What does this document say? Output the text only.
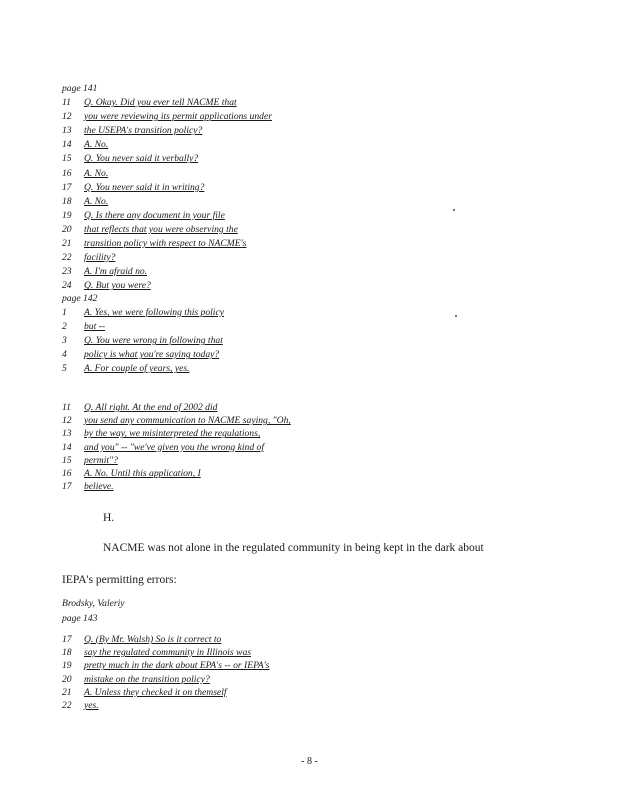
page 141
11 Q. Okay. Did you ever tell NACME that
12 you were reviewing its permit applications under
13 the USEPA's transition policy?
14 A. No.
15 Q. You never said it verbally?
16 A. No.
17 Q. You never said it in writing?
18 A. No.
19 Q. Is there any document in your file
20 that reflects that you were observing the
21 transition policy with respect to NACME's
22 facility?
23 A. I'm afraid no.
24 Q. But you were?
page 142
1 A. Yes, we were following this policy
2 but --
3 Q. You were wrong in following that
4 policy is what you're saying today?
5 A. For couple of years, yes.
11 Q. All right. At the end of 2002 did
12 you send any communication to NACME saying, "Oh,
13 by the way, we misinterpreted the regulations,
14 and you" -- "we've given you the wrong kind of
15 permit"?
16 A. No. Until this application, I
17 believe.
H.
NACME was not alone in the regulated community in being kept in the dark about
IEPA's permitting errors:
Brodsky, Valeriy
page 143
17 Q. (By Mr. Walsh) So is it correct to
18 say the regulated community in Illinois was
19 pretty much in the dark about EPA's -- or IEPA's
20 mistake on the transition policy?
21 A. Unless they checked it on themself
22 yes.
- 8 -
